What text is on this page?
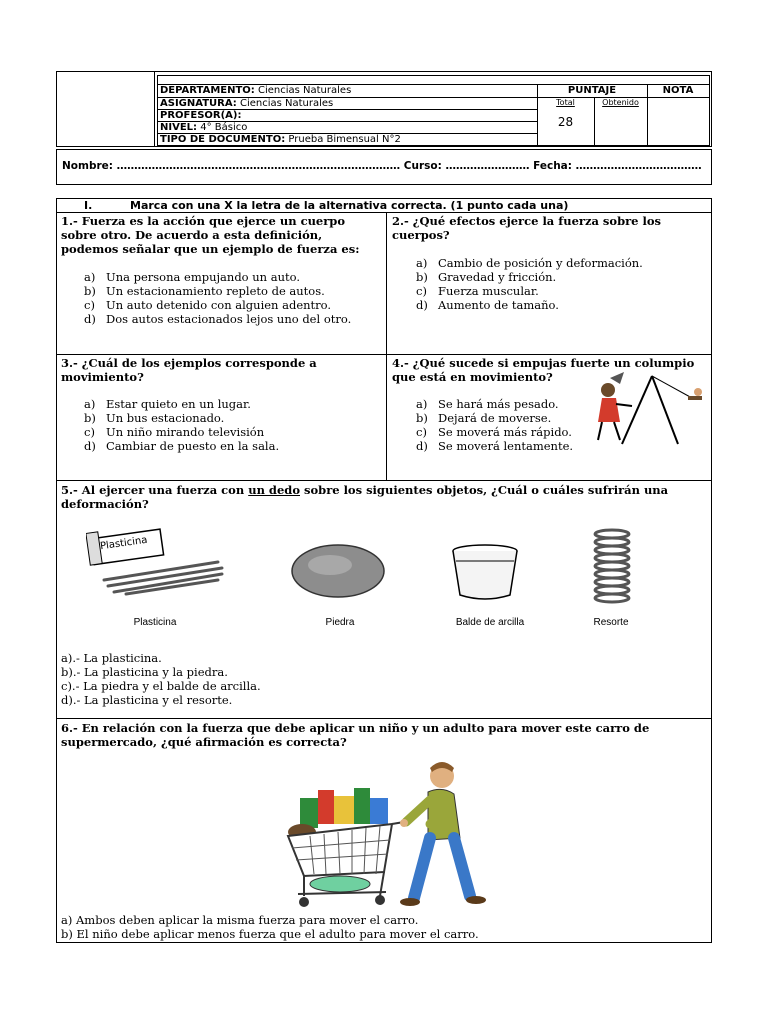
DEPARTAMENTO: Ciencias Naturales
ASIGNATURA: Ciencias Naturales
PROFESOR(A):
NIVEL: 4° Básico
TIPO DE DOCUMENTO: Prueba Bimensual N°2
PUNTAJE	NOTA
Total	Obtenido
28
Nombre: ……………………………………………………………………… Curso: …………………… Fecha: ………………………………
I.	Marca con una X la letra de la alternativa correcta. (1 punto cada una)
1.- Fuerza es la acción que ejerce un cuerpo sobre otro. De acuerdo a esta definición, podemos señalar que un ejemplo de fuerza es:
a) Una persona empujando un auto.
b) Un estacionamiento repleto de autos.
c) Un auto detenido con alguien adentro.
d) Dos autos estacionados lejos uno del otro.
2.- ¿Qué efectos ejerce la fuerza sobre los cuerpos?
a) Cambio de posición y deformación.
b) Gravedad y fricción.
c) Fuerza muscular.
d) Aumento de tamaño.
3.- ¿Cuál de los ejemplos corresponde a movimiento?
a) Estar quieto en un lugar.
b) Un bus estacionado.
c) Un niño mirando televisión
d) Cambiar de puesto en la sala.
4.- ¿Qué sucede si empujas fuerte un columpio que está en movimiento?
a) Se hará más pesado.
b) Dejará de moverse.
c) Se moverá más rápido.
d) Se moverá lentamente.
5.- Al ejercer una fuerza con un dedo sobre los siguientes objetos, ¿Cuál o cuáles sufrirán una deformación?
Plasticina
Plasticina	Piedra	Balde de arcilla	Resorte
a).- La plasticina.
b).- La plasticina y la piedra.
c).- La piedra y el balde de arcilla.
d).- La plasticina y el resorte.
6.- En relación con la fuerza que debe aplicar un niño y un adulto para mover este carro de supermercado, ¿qué afirmación es correcta?
a) Ambos deben aplicar la misma fuerza para mover el carro.
b) El niño debe aplicar menos fuerza que el adulto para mover el carro.
